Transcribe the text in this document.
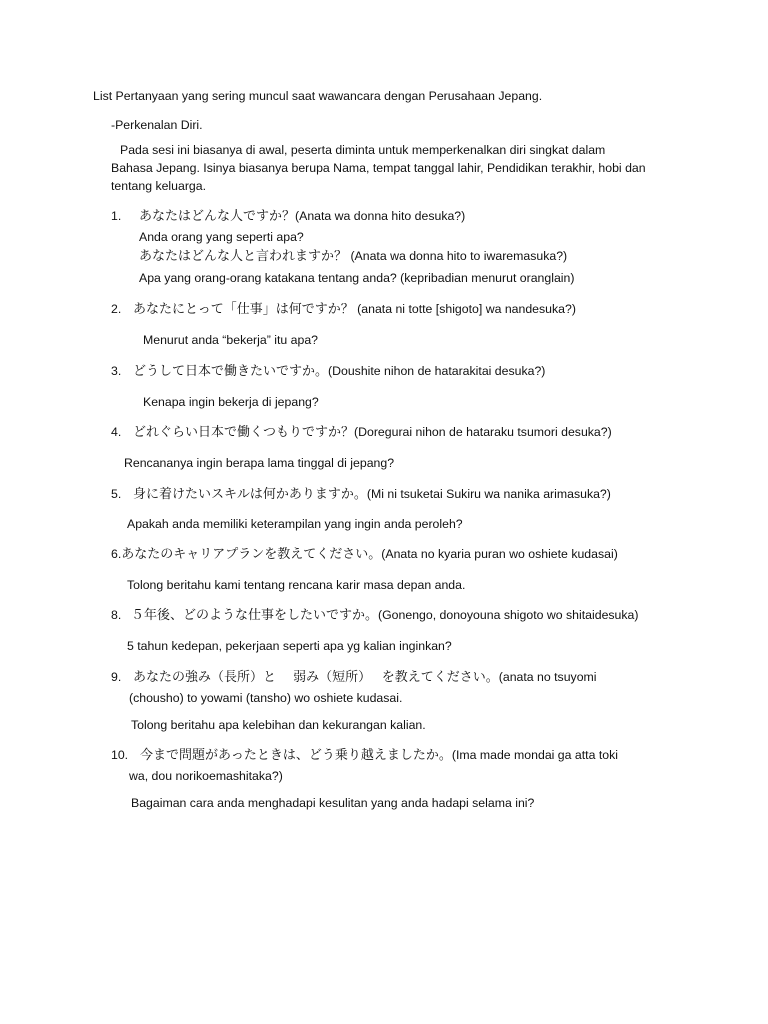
List Pertanyaan yang sering muncul saat wawancara dengan Perusahaan Jepang.
-Perkenalan Diri.
Pada sesi ini biasanya di awal, peserta diminta untuk memperkenalkan diri singkat dalam
Bahasa Jepang. Isinya biasanya berupa Nama, tempat tanggal lahir, Pendidikan terakhir, hobi dan
tentang keluarga.
1. あなたはどんな人ですか？(Anata wa donna hito desuka?)
Anda orang yang seperti apa?
あなたはどんな人と言われますか？ (Anata wa donna hito to iwaremasuka?)
Apa yang orang-orang katakana tentang anda? (kepribadian menurut oranglain)
2. あなたにとって「仕事」は何ですか？ (anata ni totte [shigoto] wa nandesuka?)
Menurut anda “bekerja” itu apa?
3. どうして日本で働きたいですか。(Doushite nihon de hatarakitai desuka?)
Kenapa ingin bekerja di jepang?
4. どれぐらい日本で働くつもりですか？(Doregurai nihon de hataraku tsumori desuka?)
Rencananya ingin berapa lama tinggal di jepang?
5. 身に着けたいスキルは何かありますか。(Mi ni tsuketai Sukiru wa nanika arimasuka?)
Apakah anda memiliki keterampilan yang ingin anda peroleh?
6.あなたのキャリアプランを教えてください。(Anata no kyaria puran wo oshiete kudasai)
Tolong beritahu kami tentang rencana karir masa depan anda.
8. ５年後、どのような仕事をしたいですか。(Gonengo, donoyouna shigoto wo shitaidesuka)
5 tahun kedepan, pekerjaan seperti apa yg kalian inginkan?
9. あなたの強み（長所）と　 弱み（短所）　 を教えてください。(anata no tsuyomi
(chousho) to yowami (tansho) wo oshiete kudasai.
Tolong beritahu apa kelebihan dan kekurangan kalian.
10. 今まで問題があったときは、どう乗り越えましたか。(Ima made mondai ga atta toki
wa, dou norikoemashitaka?)
Bagaiman cara anda menghadapi kesulitan yang anda hadapi selama ini?
